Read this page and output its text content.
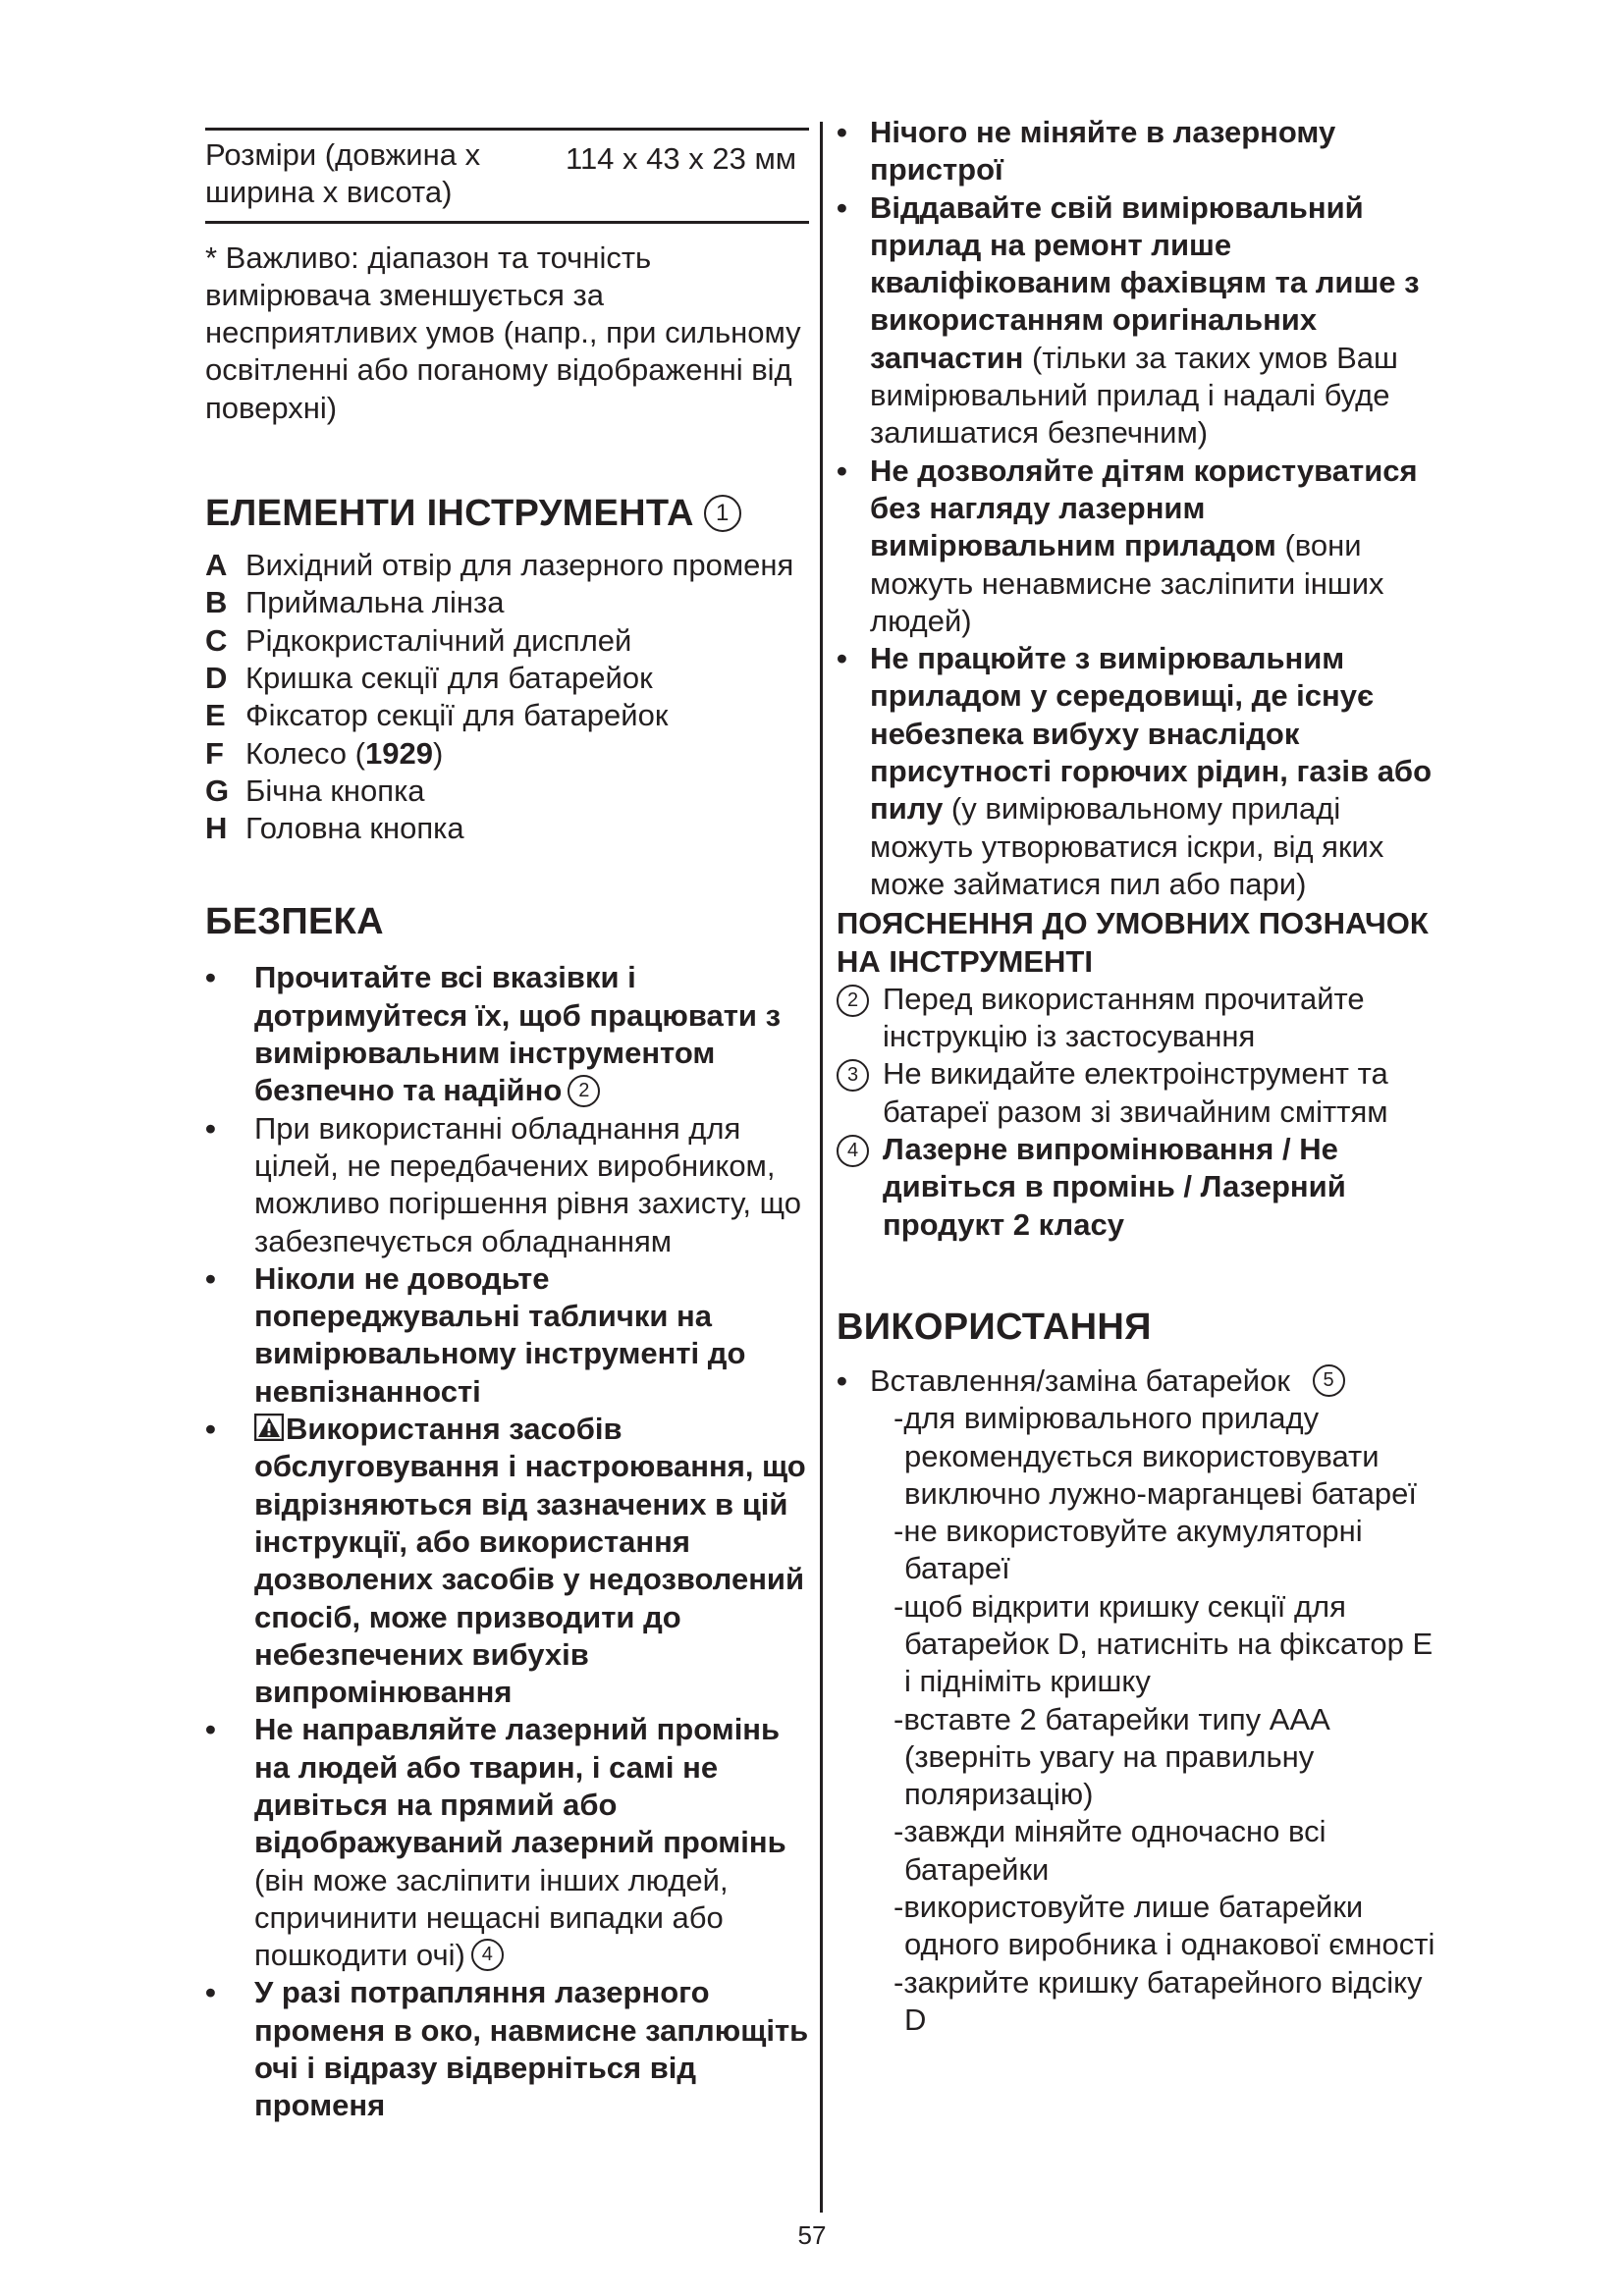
Розміри (довжина x ширина x висота)
114 x 43 x 23 мм
* Важливо: діапазон та точність вимірювача зменшується за несприятливих умов (напр., при сильному освітленні або поганому відображенні від поверхні)
ЕЛЕМЕНТИ ІНСТРУМЕНТА 1
A Вихідний отвір для лазерного променя
B Приймальна лінза
C Рідкокристалічний дисплей
D Кришка секції для батарейок
E Фіксатор секції для батарейок
F Колесо (1929)
G Бічна кнопка
H Головна кнопка
БЕЗПЕКА
• Прочитайте всі вказівки і дотримуйтеся їх, щоб працювати з вимірювальним інструментом безпечно та надійно 2
• При використанні обладнання для цілей, не передбачених виробником, можливо погіршення рівня захисту, що забезпечується обладнанням
• Ніколи не доводьте попереджувальні таблички на вимірювальному інструменті до невпізнанності
•	Використання засобів обслуговування і настроювання, що відрізняються від зазначених в цій інструкції, або використання дозволених засобів у недозволений спосіб, може призводити до небезпечених вибухів випромінювання
• Не направляйте лазерний промінь на людей або тварин, і самі не дивіться на прямий або відображуваний лазерний промінь (він може засліпити інших людей, спричинити нещасні випадки або пошкодити очі) 4
• У разі потрапляння лазерного променя в око, навмисне заплющіть очі і відразу відверніться від променя
• Нічого не міняйте в лазерному пристрої
• Віддавайте свій вимірювальний прилад на ремонт лише кваліфікованим фахівцям та лише з використанням оригінальних запчастин (тільки за таких умов Ваш вимірювальний прилад і надалі буде залишатися безпечним)
• Не дозволяйте дітям користуватися без нагляду лазерним вимірювальним приладом (вони можуть ненавмисне засліпити інших людей)
• Не працюйте з вимірювальним приладом у середовищі, де існує небезпека вибуху внаслідок присутності горючих рідин, газів або пилу (у вимірювальному приладі можуть утворюватися іскри, від яких може займатися пил або пари)
ПОЯСНЕННЯ ДО УМОВНИХ ПОЗНАЧОК НА ІНСТРУМЕНТІ
2 Перед використанням прочитайте інструкцію із застосування
3 Не викидайте електроінструмент та батареї разом зі звичайним сміттям
4 Лазерне випромінювання / Не дивіться в промінь / Лазерний продукт 2 класу
ВИКОРИСТАННЯ
• Вставлення/заміна батарейок 5
-для вимірювального приладу рекомендується використовувати виключно лужно-марганцеві батареї
-не використовуйте акумуляторні батареї
-щоб відкрити кришку секції для батарейок D, натисніть на фіксатор E і підніміть кришку
-вставте 2 батарейки типу AAA (зверніть увагу на правильну поляризацію)
-завжди міняйте одночасно всі батарейки
-використовуйте лише батарейки одного виробника і однакової ємності
-закрийте кришку батарейного відсіку D
57
